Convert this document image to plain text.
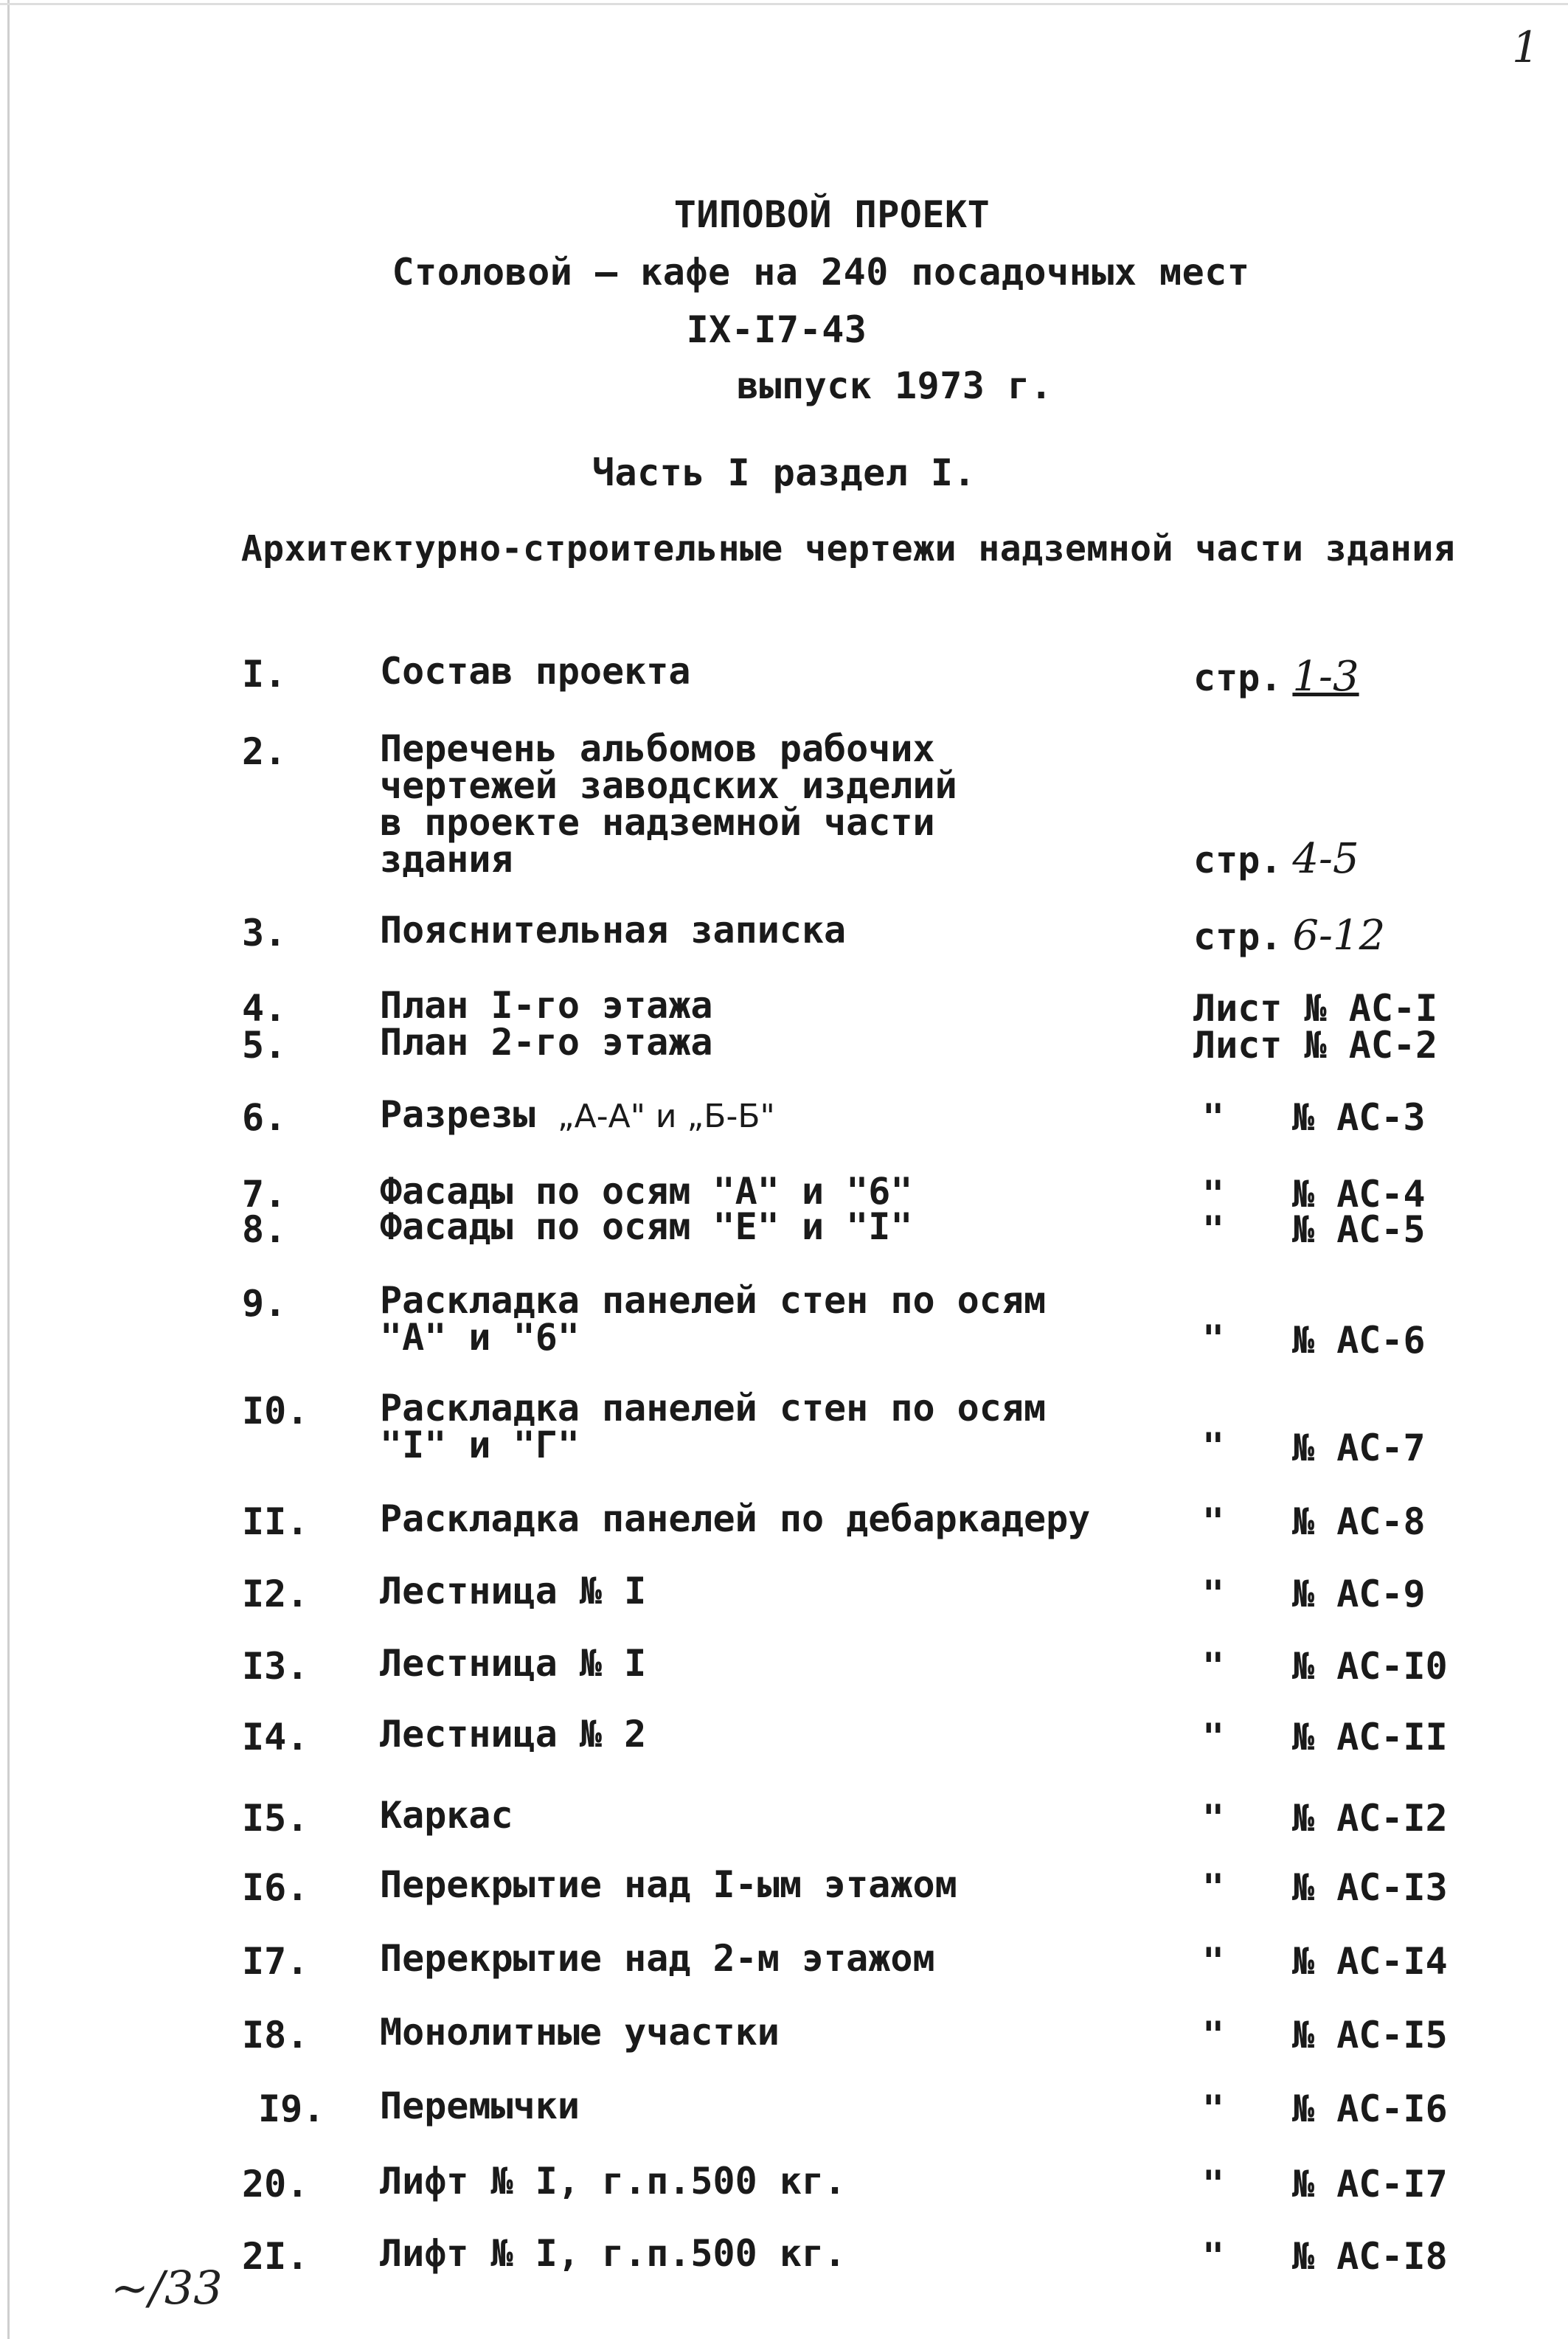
1
ТИПОВОЙ ПРОЕКТ
Столовой – кафе на 240 посадочных мест
IX-I7-43
выпуск 1973 г.
Часть I раздел I.
Архитектурно-строительные чертежи надземной части здания
I.	Состав проекта	стр. 1-3
2.	Перечень альбомов рабочих
чертежей заводских изделий
в проекте надземной части
здания	стр. 4-5
3.	Пояснительная записка	стр. 6-12
4.	План I-го этажа	Лист № АС-I
5.	План 2-го этажа	Лист № АС-2
6.	Разрезы „А-А" и „Б-Б"	" № АС-3
7.	Фасады по осям "А" и "6"	" № АС-4
8.	Фасады по осям "Е" и "I"	" № АС-5
9.	Раскладка панелей стен по осям
"А" и "6"	" № АС-6
I0. Раскладка панелей стен по осям
"I" и "Г"	" № АС-7
II. Раскладка панелей по дебаркадеру	" № АС-8
I2. Лестница № I	" № АС-9
I3. Лестница № I	" № АС-I0
I4. Лестница № 2	" № АС-II
I5. Каркас	" № АС-I2
I6. Перекрытие над I-ым этажом	" № АС-I3
I7. Перекрытие над 2-м этажом	" № АС-I4
I8. Монолитные участки	" № АС-I5
I9. Перемычки	" № АС-I6
20. Лифт № I, г.п.500 кг.	" № АС-I7
2I. Лифт № I, г.п.500 кг.	" № АС-I8
~/33
